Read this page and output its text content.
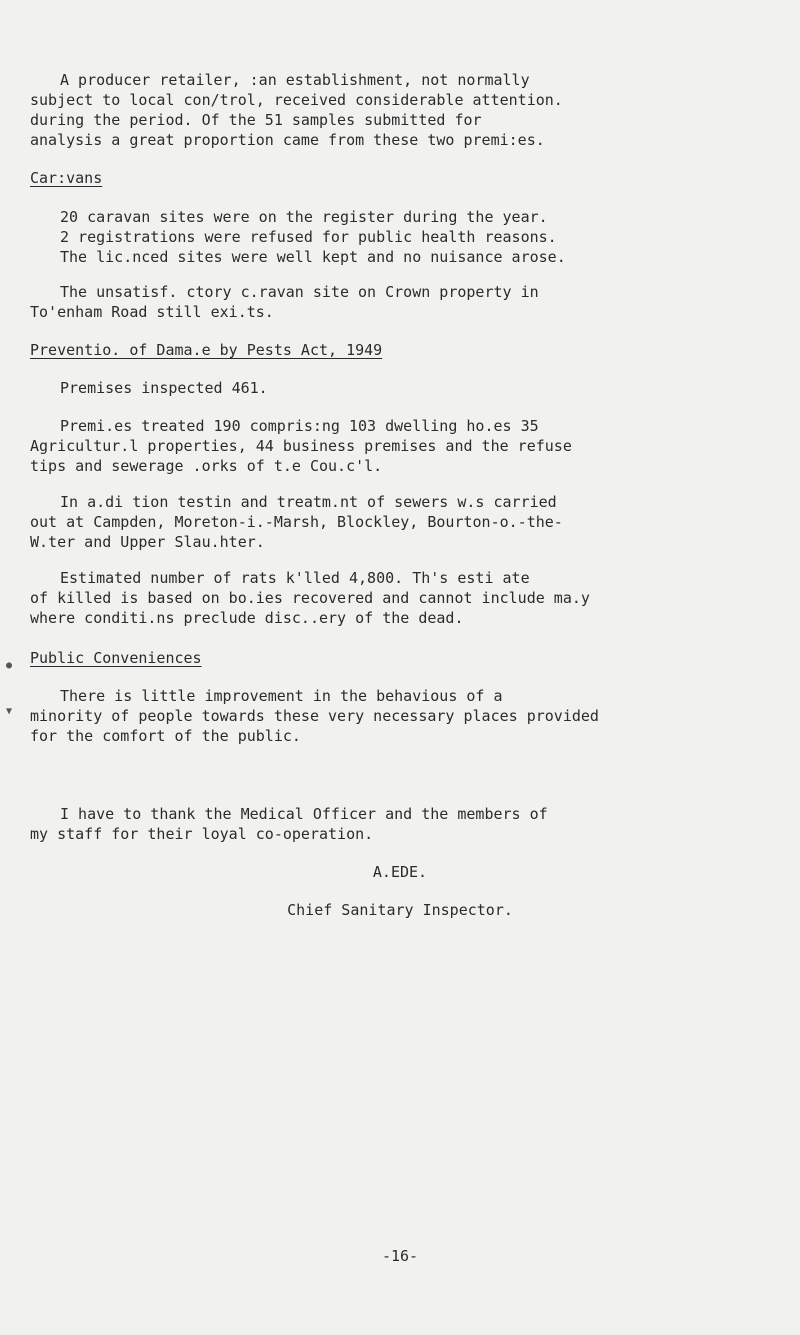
A producer retailer, :an establishment, not normally
subject to local con/trol, received considerable attention.
during the period. Of the 51 samples submitted for
analysis a great proportion came from these two premi:es.
Car:vans
20 caravan sites were on the register during the year.
2 registrations were refused for public health reasons.
The lic.nced sites were well kept and no nuisance arose.
The unsatisf. ctory c.ravan site on Crown property in
To'enham Road still exi.ts.
Preventio. of Dama.e by Pests Act, 1949
Premises inspected 461.
Premi.es treated 190 compris:ng 103 dwelling ho.es 35
Agricultur.l properties, 44 business premises and the refuse
tips and sewerage .orks of t.e Cou.c'l.
In a.di tion testin and treatm.nt of sewers w.s carried
out at Campden, Moreton-i.-Marsh, Blockley, Bourton-o.-the-
W.ter and Upper Slau.hter.
Estimated number of rats k'lled 4,800. Th's esti ate
of killed is based on bo.ies recovered and cannot include ma.y
where conditi.ns preclude disc..ery of the dead.
Public Conveniences
●
▼
There is little improvement in the behavious of a
minority of people towards these very necessary places provided
for the comfort of the public.
I have to thank the Medical Officer and the members of
my staff for their loyal co-operation.
A.EDE.
Chief Sanitary Inspector.
-16-
